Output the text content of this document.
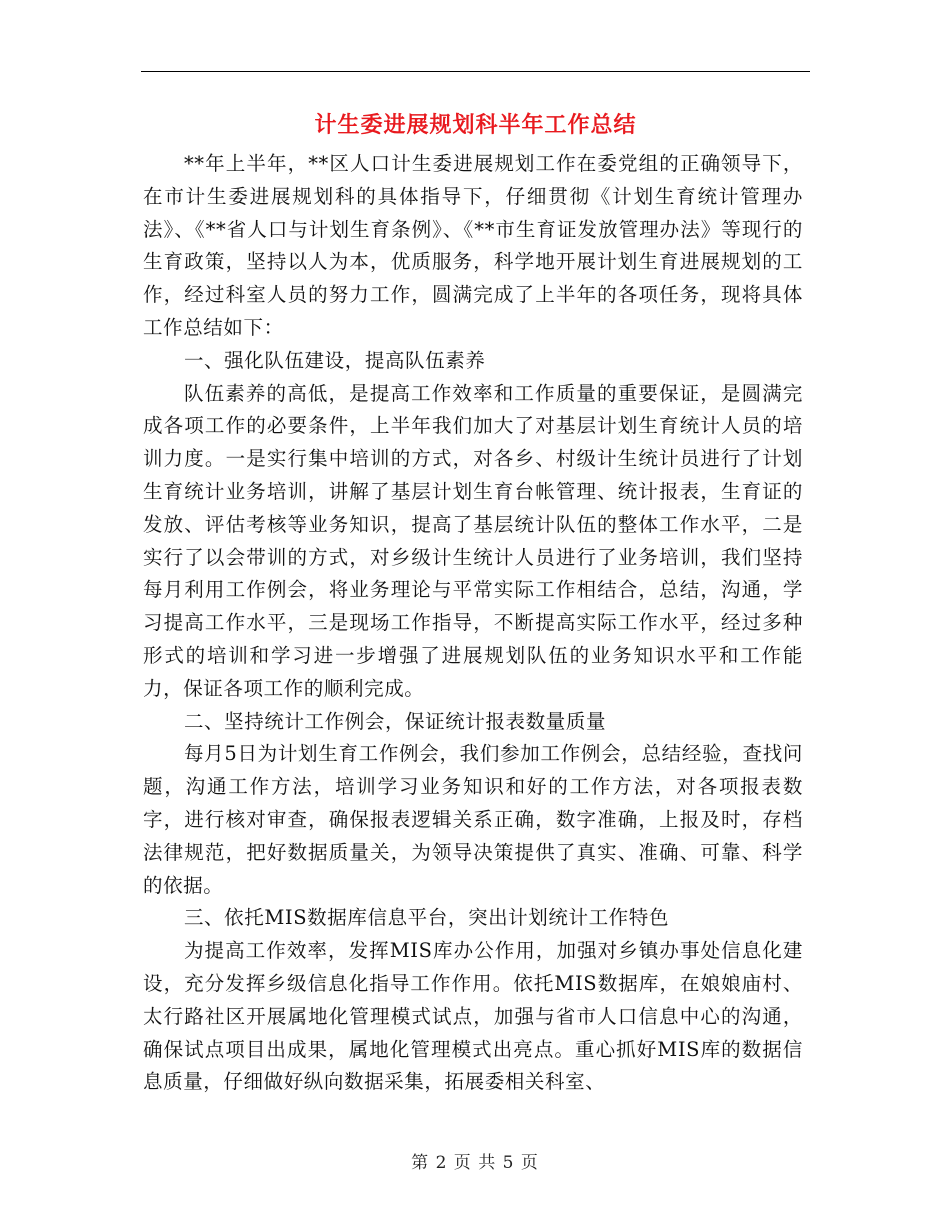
计生委进展规划科半年工作总结

**年上半年，**区人口计生委进展规划工作在委党组的正确领导下，在市计生委进展规划科的具体指导下，仔细贯彻《计划生育统计管理办法》、《**省人口与计划生育条例》、《**市生育证发放管理办法》等现行的生育政策，坚持以人为本，优质服务，科学地开展计划生育进展规划的工作，经过科室人员的努力工作，圆满完成了上半年的各项任务，现将具体工作总结如下：

一、强化队伍建设，提高队伍素养

队伍素养的高低，是提高工作效率和工作质量的重要保证，是圆满完成各项工作的必要条件，上半年我们加大了对基层计划生育统计人员的培训力度。一是实行集中培训的方式，对各乡、村级计生统计员进行了计划生育统计业务培训，讲解了基层计划生育台帐管理、统计报表，生育证的发放、评估考核等业务知识，提高了基层统计队伍的整体工作水平，二是实行了以会带训的方式，对乡级计生统计人员进行了业务培训，我们坚持每月利用工作例会，将业务理论与平常实际工作相结合，总结，沟通，学习提高工作水平，三是现场工作指导，不断提高实际工作水平，经过多种形式的培训和学习进一步增强了进展规划队伍的业务知识水平和工作能力，保证各项工作的顺利完成。

二、坚持统计工作例会，保证统计报表数量质量

每月5日为计划生育工作例会，我们参加工作例会，总结经验，查找问题，沟通工作方法，培训学习业务知识和好的工作方法，对各项报表数字，进行核对审查，确保报表逻辑关系正确，数字准确，上报及时，存档法律规范，把好数据质量关，为领导决策提供了真实、准确、可靠、科学的依据。

三、依托MIS数据库信息平台，突出计划统计工作特色

为提高工作效率，发挥MIS库办公作用，加强对乡镇办事处信息化建设，充分发挥乡级信息化指导工作作用。依托MIS数据库，在娘娘庙村、太行路社区开展属地化管理模式试点，加强与省市人口信息中心的沟通，确保试点项目出成果，属地化管理模式出亮点。重心抓好MIS库的数据信息质量，仔细做好纵向数据采集，拓展委相关科室、

第 2 页 共 5 页
